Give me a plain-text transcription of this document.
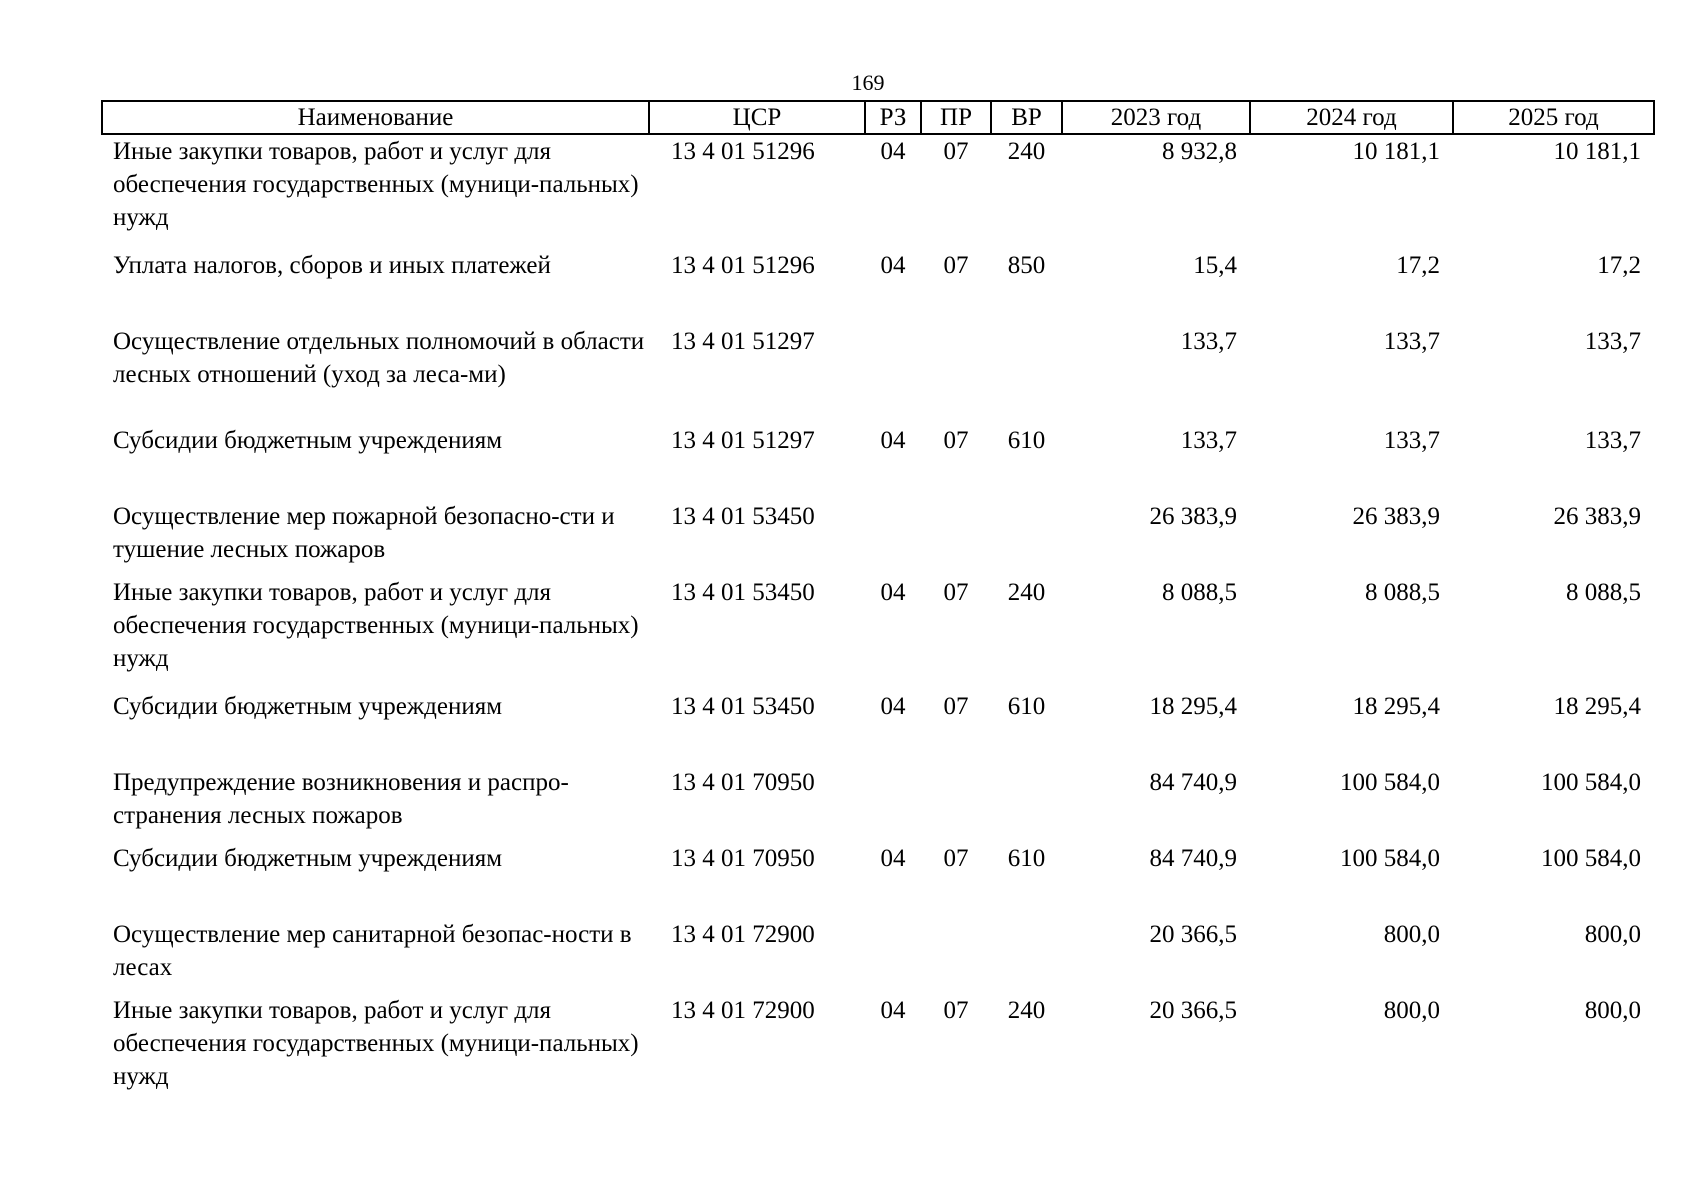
169
Наименование	ЦСР	РЗ	ПР	ВР	2023 год	2024 год	2025 год
Иные закупки товаров, работ и услуг для обеспечения государственных (муници-пальных) нужд	13 4 01 51296	04	07	240	8 932,8	10 181,1	10 181,1
Уплата налогов, сборов и иных платежей	13 4 01 51296	04	07	850	15,4	17,2	17,2
Осуществление отдельных полномочий в области лесных отношений (уход за леса-ми)	13 4 01 51297				133,7	133,7	133,7
Субсидии бюджетным учреждениям	13 4 01 51297	04	07	610	133,7	133,7	133,7
Осуществление мер пожарной безопасно-сти и тушение лесных пожаров	13 4 01 53450				26 383,9	26 383,9	26 383,9
Иные закупки товаров, работ и услуг для обеспечения государственных (муници-пальных) нужд	13 4 01 53450	04	07	240	8 088,5	8 088,5	8 088,5
Субсидии бюджетным учреждениям	13 4 01 53450	04	07	610	18 295,4	18 295,4	18 295,4
Предупреждение возникновения и распро-странения лесных пожаров	13 4 01 70950				84 740,9	100 584,0	100 584,0
Субсидии бюджетным учреждениям	13 4 01 70950	04	07	610	84 740,9	100 584,0	100 584,0
Осуществление мер санитарной безопас-ности в лесах	13 4 01 72900				20 366,5	800,0	800,0
Иные закупки товаров, работ и услуг для обеспечения государственных (муници-пальных) нужд	13 4 01 72900	04	07	240	20 366,5	800,0	800,0
